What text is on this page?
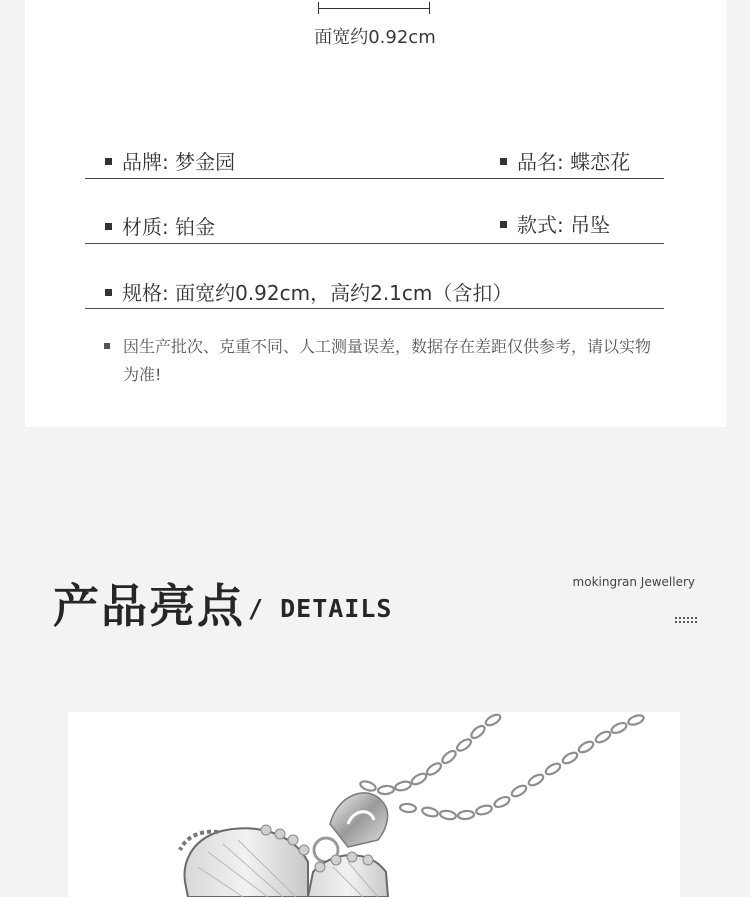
面宽约0.92cm
品牌: 梦金园	品名: 蝶恋花
材质: 铂金	款式: 吊坠
规格: 面宽约0.92cm，高约2.1cm（含扣）
因生产批次、克重不同、人工测量误差，数据存在差距仅供参考，请以实物为准!
产品亮点 / DETAILS
mokingran Jewellery
